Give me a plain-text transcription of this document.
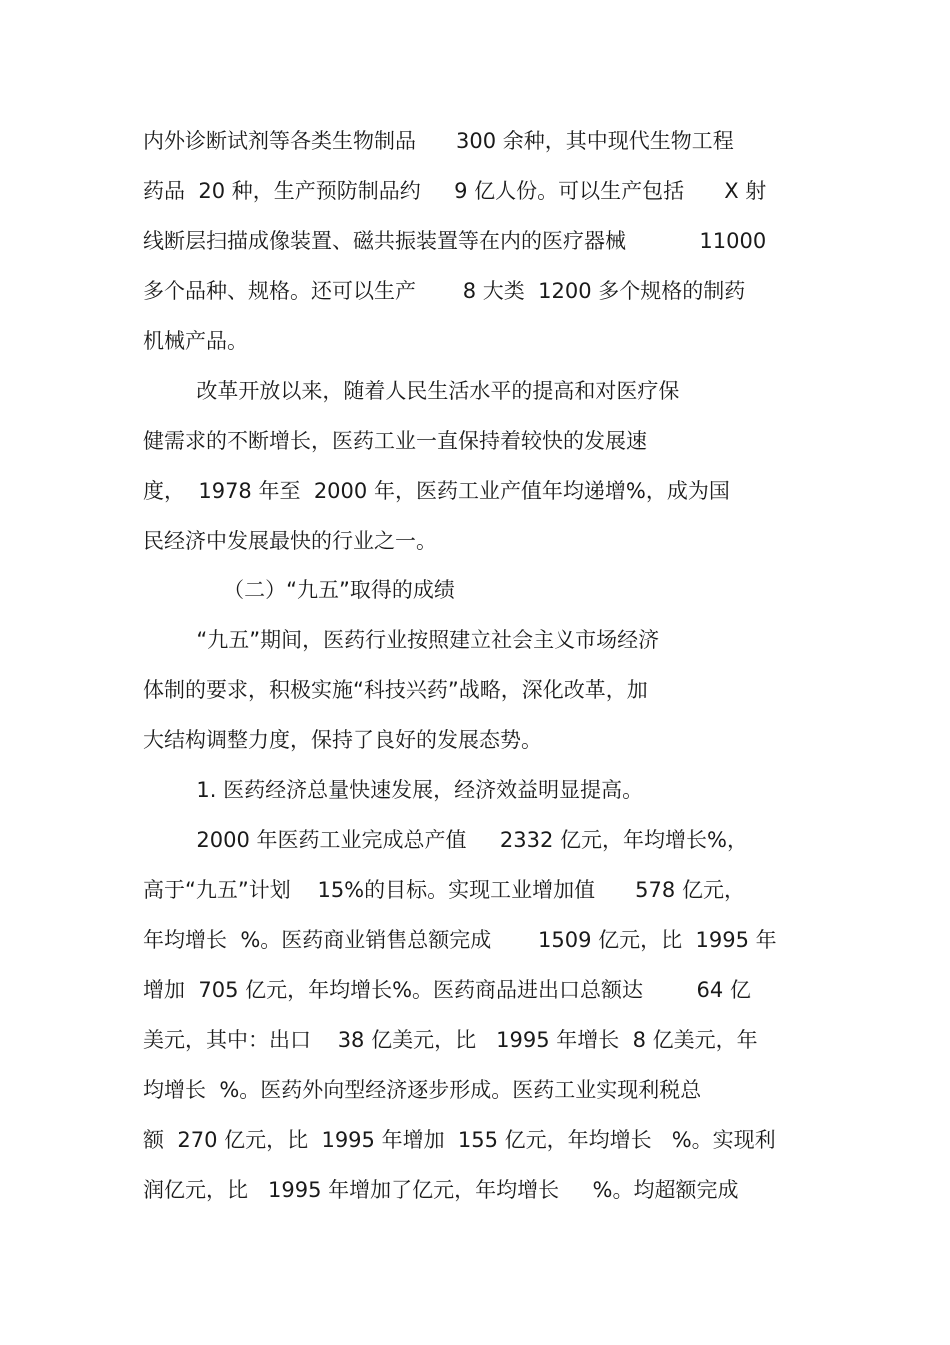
内外诊断试剂等各类生物制品      300 余种，其中现代生物工程
药品  20 种，生产预防制品约     9 亿人份。可以生产包括      X 射
线断层扫描成像装置、磁共振装置等在内的医疗器械           11000
多个品种、规格。还可以生产       8 大类  1200 多个规格的制药
机械产品。
改革开放以来，随着人民生活水平的提高和对医疗保
健需求的不断增长，医药工业一直保持着较快的发展速
度，  1978 年至  2000 年，医药工业产值年均递增%，成为国
民经济中发展最快的行业之一。
（二）“九五”取得的成绩
“九五”期间，医药行业按照建立社会主义市场经济
体制的要求，积极实施“科技兴药”战略，深化改革，加
大结构调整力度，保持了良好的发展态势。
1. 医药经济总量快速发展，经济效益明显提高。
2000 年医药工业完成总产值     2332 亿元，年均增长%，
高于“九五”计划    15%的目标。实现工业增加值      578 亿元，
年均增长  %。医药商业销售总额完成       1509 亿元，比  1995 年
增加  705 亿元，年均增长%。医药商品进出口总额达        64 亿
美元，其中：出口    38 亿美元，比   1995 年增长  8 亿美元，年
均增长  %。医药外向型经济逐步形成。医药工业实现利税总
额  270 亿元，比  1995 年增加  155 亿元，年均增长   %。实现利
润亿元，比   1995 年增加了亿元，年均增长     %。均超额完成
